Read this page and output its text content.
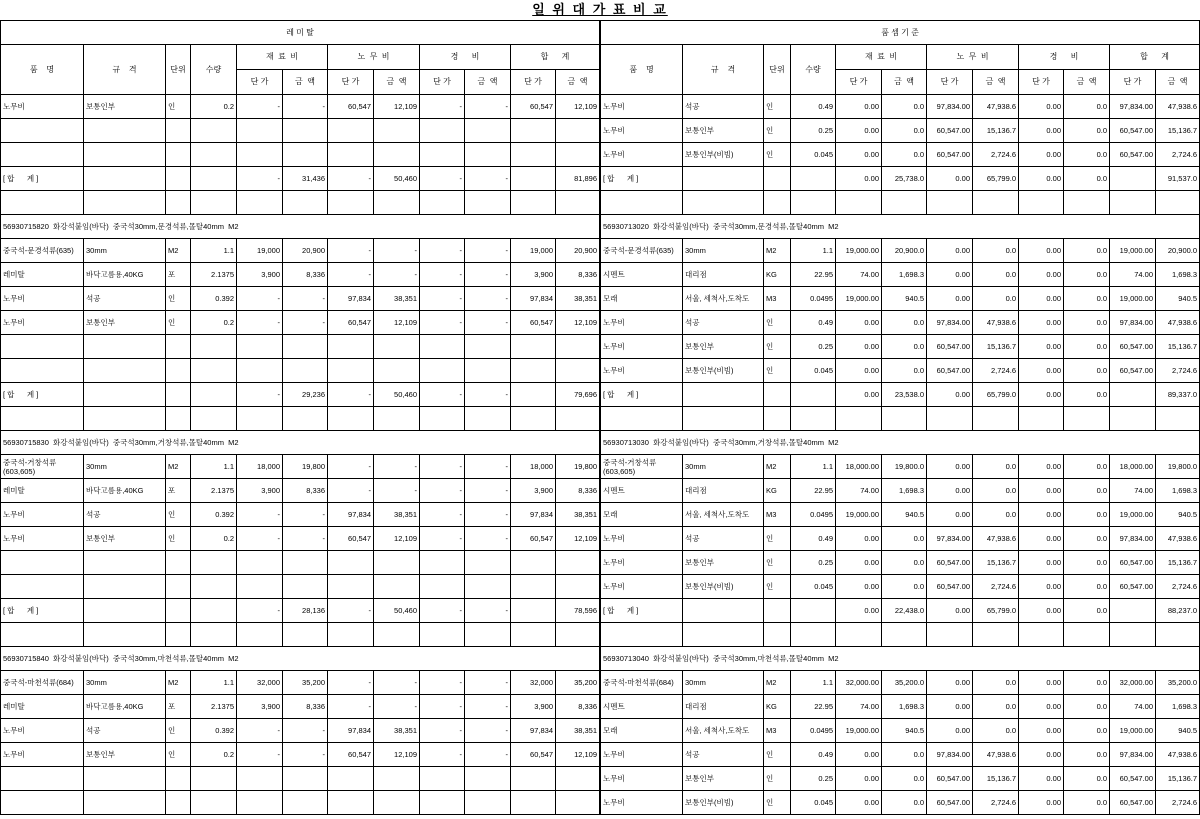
일 위 대 가 표 비 교
레 미 탈											
품    명	규    격	단위	수량	재  료  비		노  무  비		경      비		합      계	
				단 가	금  액	단 가	금  액	단 가	금  액	단 가	금  액
노무비	보통인부	인	0.2	-	-	60,547	12,109	-	-	60,547	12,109

[ 합      계 ]				-	31,436	-	50,460	-	-		81,896

56930715820  화강석붙임(바닥)  중국석30mm,문경석류,몰탈40mm  M2											
중국석-문경석류(635)	30mm	M2	1.1	19,000	20,900	-	-	-	-	19,000	20,900
레미탈	바닥고름용,40KG	포	2.1375	3,900	8,336	-	-	-	-	3,900	8,336
노무비	석공	인	0.392	-	-	97,834	38,351	-	-	97,834	38,351
노무비	보통인부	인	0.2	-	-	60,547	12,109	-	-	60,547	12,109

[ 합      계 ]				-	29,236	-	50,460	-	-		79,696

56930715830  화강석붙임(바닥)  중국석30mm,거창석류,몰탈40mm  M2											
중국석-거창석류
(603,605)	30mm	M2	1.1	18,000	19,800	-	-	-	-	18,000	19,800
레미탈	바닥고름용,40KG	포	2.1375	3,900	8,336	-	-	-	-	3,900	8,336
노무비	석공	인	0.392	-	-	97,834	38,351	-	-	97,834	38,351
노무비	보통인부	인	0.2	-	-	60,547	12,109	-	-	60,547	12,109

[ 합      계 ]				-	28,136	-	50,460	-	-		78,596

56930715840  화강석붙임(바닥)  중국석30mm,마천석류,몰탈40mm  M2											
중국석-마천석류(684)	30mm	M2	1.1	32,000	35,200	-	-	-	-	32,000	35,200
레미탈	바닥고름용,40KG	포	2.1375	3,900	8,336	-	-	-	-	3,900	8,336
노무비	석공	인	0.392	-	-	97,834	38,351	-	-	97,834	38,351
노무비	보통인부	인	0.2	-	-	60,547	12,109	-	-	60,547	12,109

품 셈 기 준											
품    명	규    격	단위	수량	재  료  비		노  무  비		경      비		합      계	
				단 가	금  액	단 가	금  액	단 가	금  액	단 가	금  액
노무비	석공	인	0.49	0.00	0.0	97,834.00	47,938.6	0.00	0.0	97,834.00	47,938.6
노무비	보통인부	인	0.25	0.00	0.0	60,547.00	15,136.7	0.00	0.0	60,547.00	15,136.7
노무비	보통인부(비빔)	인	0.045	0.00	0.0	60,547.00	2,724.6	0.00	0.0	60,547.00	2,724.6
[ 합      계 ]				0.00	25,738.0	0.00	65,799.0	0.00	0.0		91,537.0

56930713020  화강석붙임(바닥)  중국석30mm,문경석류,몰탈40mm  M2											
중국석-문경석류(635)	30mm	M2	1.1	19,000.00	20,900.0	0.00	0.0	0.00	0.0	19,000.00	20,900.0
시멘트	대리점	KG	22.95	74.00	1,698.3	0.00	0.0	0.00	0.0	74.00	1,698.3
모래	서울, 세척사,도착도	M3	0.0495	19,000.00	940.5	0.00	0.0	0.00	0.0	19,000.00	940.5
노무비	석공	인	0.49	0.00	0.0	97,834.00	47,938.6	0.00	0.0	97,834.00	47,938.6
노무비	보통인부	인	0.25	0.00	0.0	60,547.00	15,136.7	0.00	0.0	60,547.00	15,136.7
노무비	보통인부(비빔)	인	0.045	0.00	0.0	60,547.00	2,724.6	0.00	0.0	60,547.00	2,724.6
[ 합      계 ]				0.00	23,538.0	0.00	65,799.0	0.00	0.0		89,337.0

56930713030  화강석붙임(바닥)  중국석30mm,거창석류,몰탈40mm  M2											
중국석-거창석류
(603,605)	30mm	M2	1.1	18,000.00	19,800.0	0.00	0.0	0.00	0.0	18,000.00	19,800.0
시멘트	대리점	KG	22.95	74.00	1,698.3	0.00	0.0	0.00	0.0	74.00	1,698.3
모래	서울, 세척사,도착도	M3	0.0495	19,000.00	940.5	0.00	0.0	0.00	0.0	19,000.00	940.5
노무비	석공	인	0.49	0.00	0.0	97,834.00	47,938.6	0.00	0.0	97,834.00	47,938.6
노무비	보통인부	인	0.25	0.00	0.0	60,547.00	15,136.7	0.00	0.0	60,547.00	15,136.7
노무비	보통인부(비빔)	인	0.045	0.00	0.0	60,547.00	2,724.6	0.00	0.0	60,547.00	2,724.6
[ 합      계 ]				0.00	22,438.0	0.00	65,799.0	0.00	0.0		88,237.0

56930713040  화강석붙임(바닥)  중국석30mm,마천석류,몰탈40mm  M2											
중국석-마천석류(684)	30mm	M2	1.1	32,000.00	35,200.0	0.00	0.0	0.00	0.0	32,000.00	35,200.0
시멘트	대리점	KG	22.95	74.00	1,698.3	0.00	0.0	0.00	0.0	74.00	1,698.3
모래	서울, 세척사,도착도	M3	0.0495	19,000.00	940.5	0.00	0.0	0.00	0.0	19,000.00	940.5
노무비	석공	인	0.49	0.00	0.0	97,834.00	47,938.6	0.00	0.0	97,834.00	47,938.6
노무비	보통인부	인	0.25	0.00	0.0	60,547.00	15,136.7	0.00	0.0	60,547.00	15,136.7
노무비	보통인부(비빔)	인	0.045	0.00	0.0	60,547.00	2,724.6	0.00	0.0	60,547.00	2,724.6
